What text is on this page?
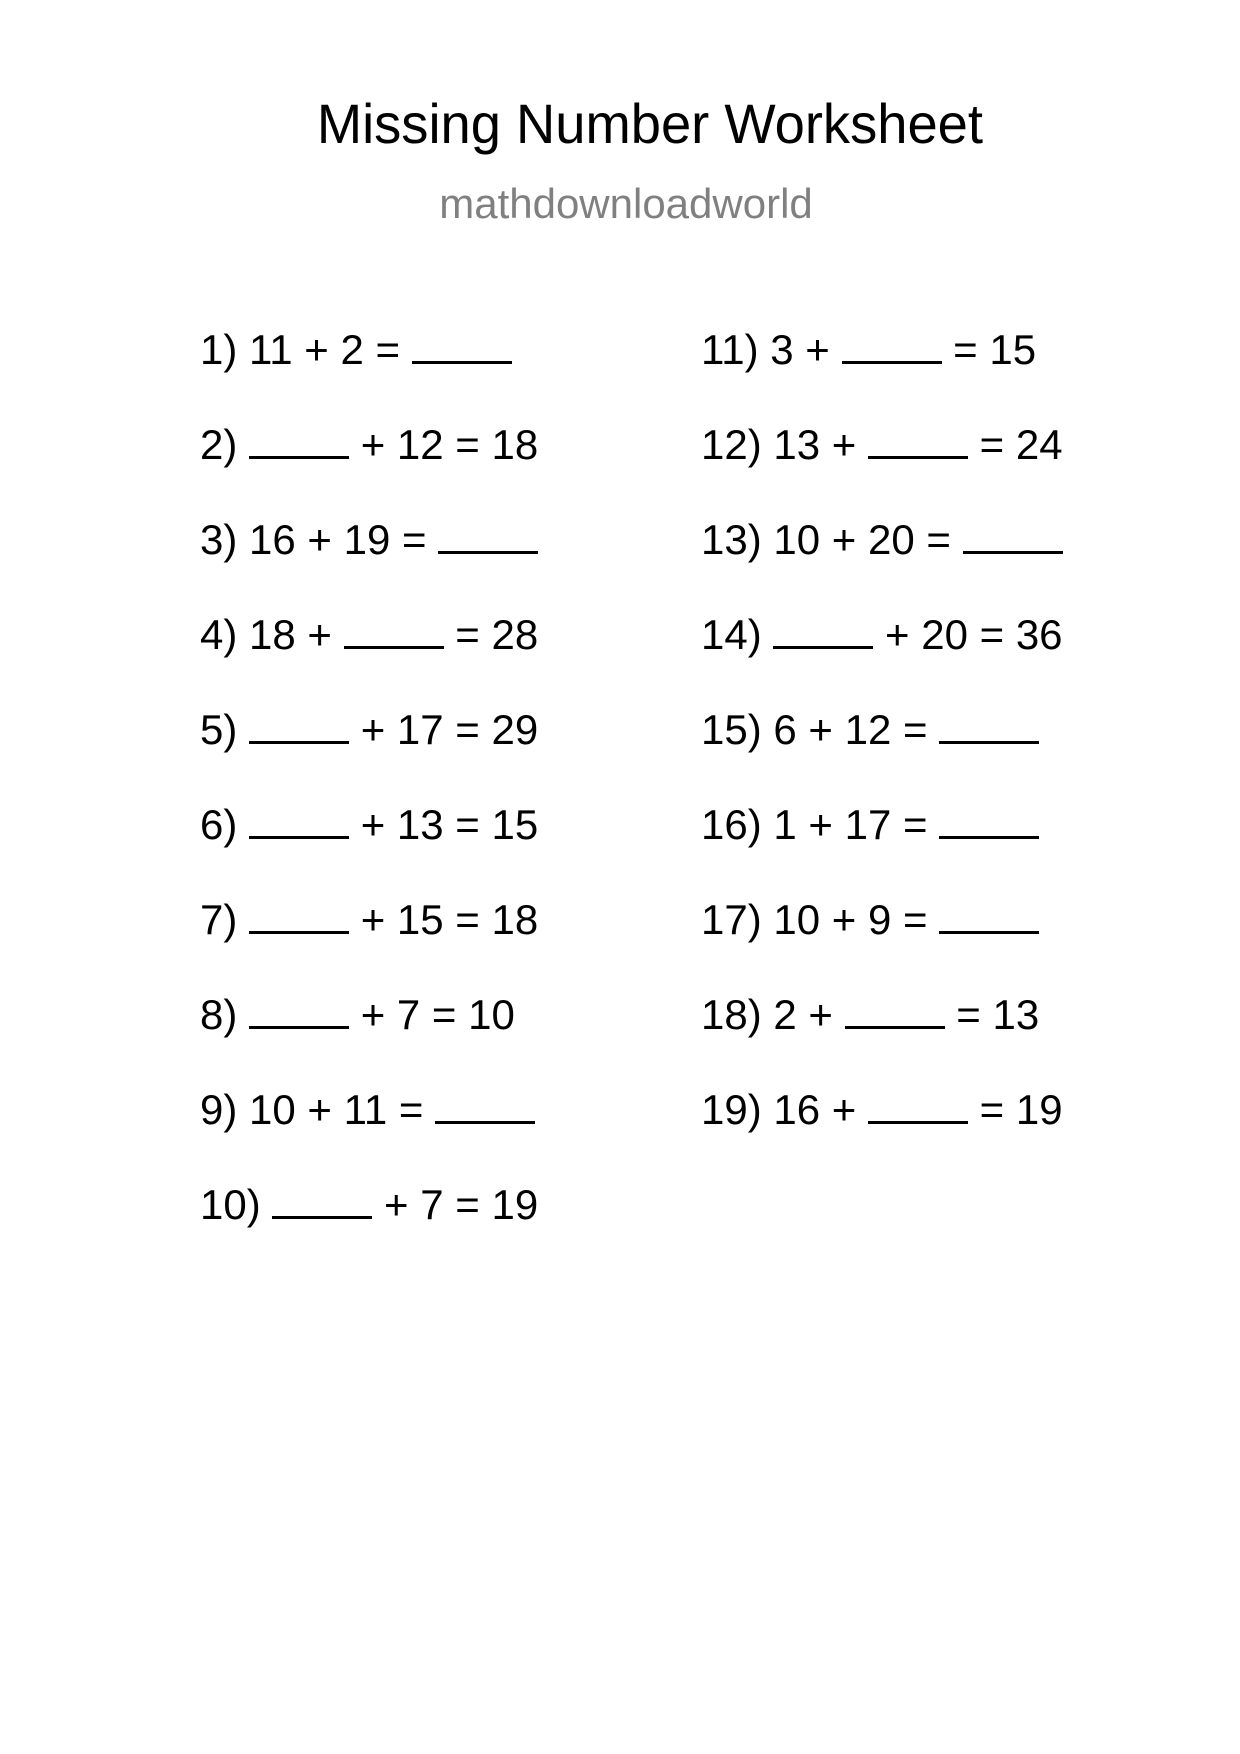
Missing Number Worksheet
mathdownloadworld
1) 11 + 2 =
2)	+ 12 = 18
3) 16 + 19 =
4) 18 +	= 28
5)	+ 17 = 29
6)	+ 13 = 15
7)	+ 15 = 18
8)	+ 7 = 10
9) 10 + 11 =
10)	+ 7 = 19
11) 3 +	= 15
12) 13 +	= 24
13) 10 + 20 =
14)	+ 20 = 36
15) 6 + 12 =
16) 1 + 17 =
17) 10 + 9 =
18) 2 +	= 13
19) 16 +	= 19
